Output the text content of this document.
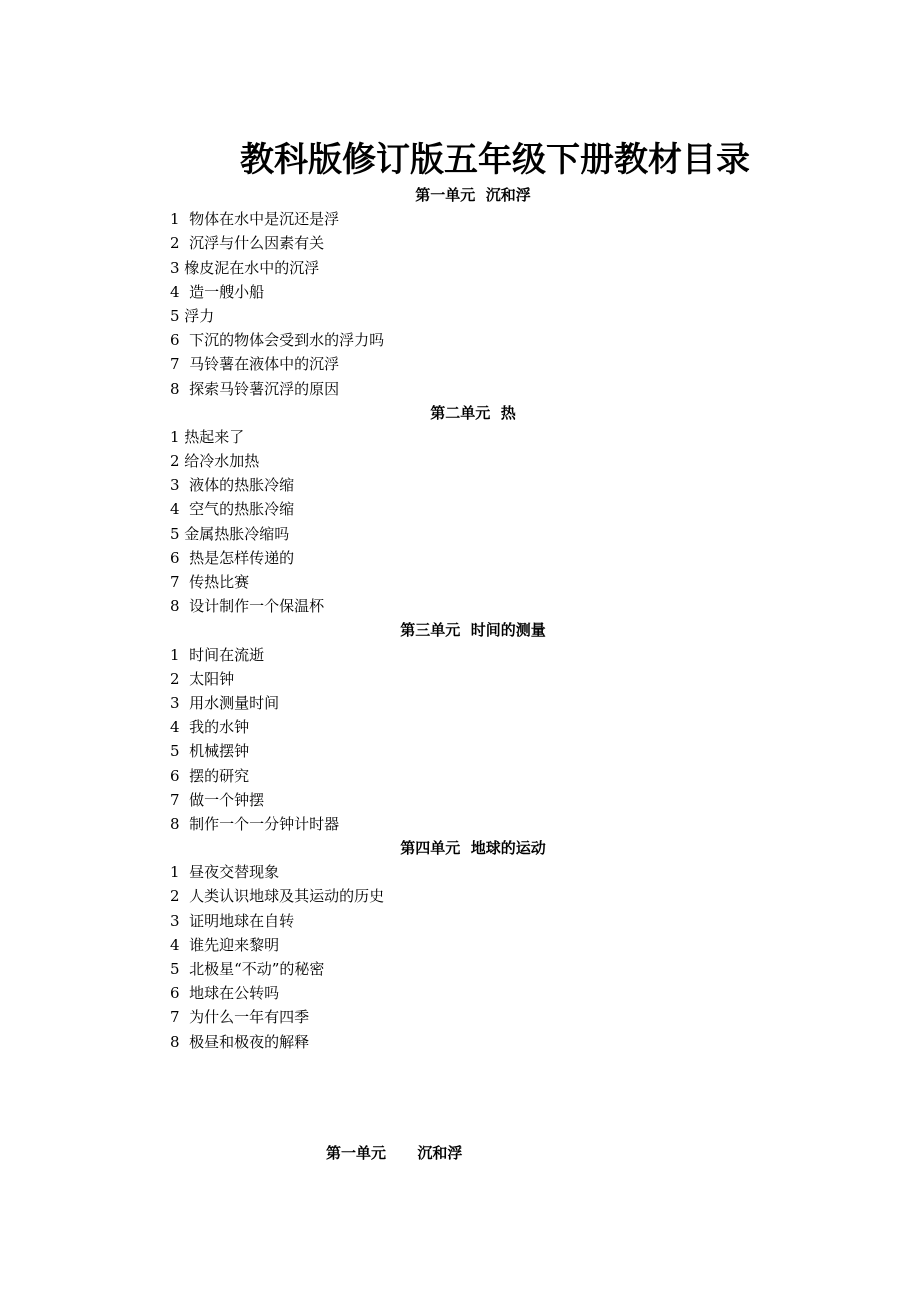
教科版修订版五年级下册教材目录
第一单元  沉和浮
1  物体在水中是沉还是浮
2  沉浮与什么因素有关
3 橡皮泥在水中的沉浮
4  造一艘小船
5 浮力
6  下沉的物体会受到水的浮力吗
7  马铃薯在液体中的沉浮
8  探索马铃薯沉浮的原因
第二单元  热
1 热起来了
2 给冷水加热
3  液体的热胀冷缩
4  空气的热胀冷缩
5 金属热胀冷缩吗
6  热是怎样传递的
7  传热比赛
8  设计制作一个保温杯
第三单元  时间的测量
1  时间在流逝
2  太阳钟
3  用水测量时间
4  我的水钟
5  机械摆钟
6  摆的研究
7  做一个钟摆
8  制作一个一分钟计时器
第四单元  地球的运动
1  昼夜交替现象
2  人类认识地球及其运动的历史
3  证明地球在自转
4  谁先迎来黎明
5  北极星“不动”的秘密
6  地球在公转吗
7  为什么一年有四季
8  极昼和极夜的解释
第一单元      沉和浮
